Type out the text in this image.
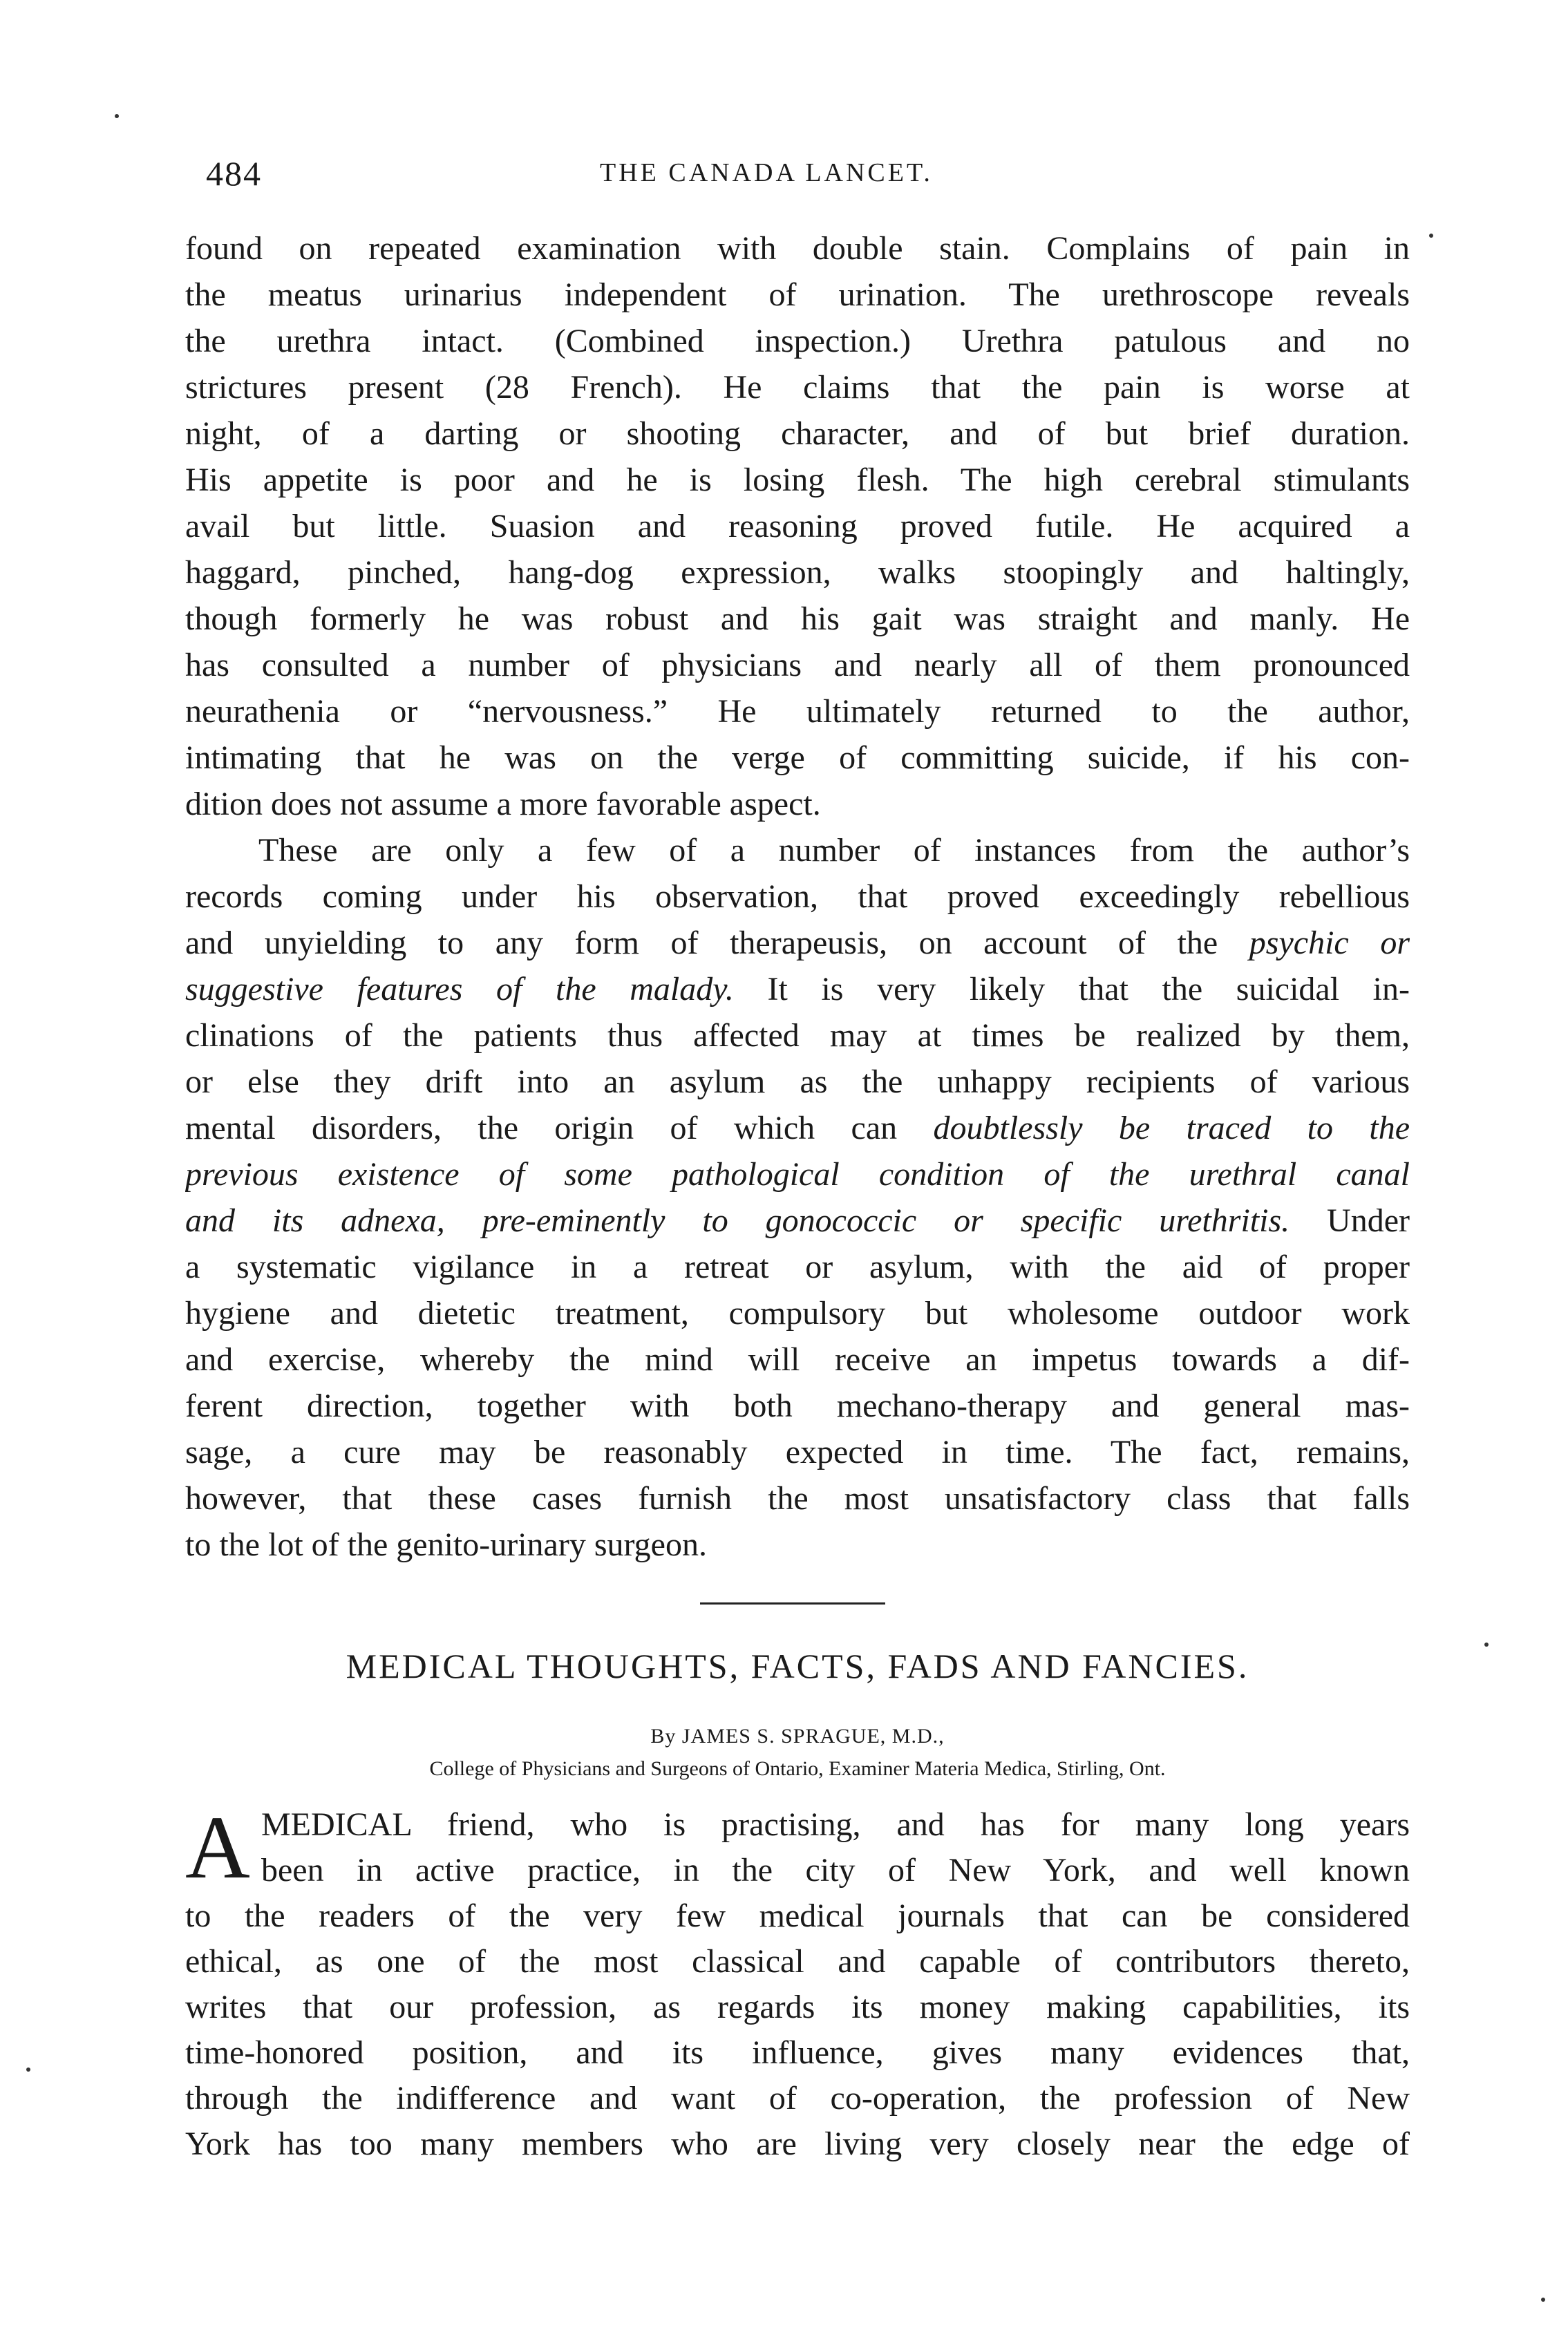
484	THE CANADA LANCET.
found on repeated examination with double stain. Complains of pain in
the meatus urinarius independent of urination. The urethroscope reveals
the urethra intact. (Combined inspection.) Urethra patulous and no
strictures present (28 French). He claims that the pain is worse at
night, of a darting or shooting character, and of but brief duration.
His appetite is poor and he is losing flesh. The high cerebral stimulants
avail but little. Suasion and reasoning proved futile. He acquired a
haggard, pinched, hang-dog expression, walks stoopingly and haltingly,
though formerly he was robust and his gait was straight and manly. He
has consulted a number of physicians and nearly all of them pronounced
neurathenia or “nervousness.” He ultimately returned to the author,
intimating that he was on the verge of committing suicide, if his con-
dition does not assume a more favorable aspect.
These are only a few of a number of instances from the author’s
records coming under his observation, that proved exceedingly rebellious
and unyielding to any form of therapeusis, on account of the psychic or
suggestive features of the malady. It is very likely that the suicidal in-
clinations of the patients thus affected may at times be realized by them,
or else they drift into an asylum as the unhappy recipients of various
mental disorders, the origin of which can doubtlessly be traced to the
previous existence of some pathological condition of the urethral canal
and its adnexa, pre-eminently to gonococcic or specific urethritis. Under
a systematic vigilance in a retreat or asylum, with the aid of proper
hygiene and dietetic treatment, compulsory but wholesome outdoor work
and exercise, whereby the mind will receive an impetus towards a dif-
ferent direction, together with both mechano-therapy and general mas-
sage, a cure may be reasonably expected in time. The fact, remains,
however, that these cases furnish the most unsatisfactory class that falls
to the lot of the genito-urinary surgeon.
MEDICAL THOUGHTS, FACTS, FADS AND FANCIES.
By JAMES S. SPRAGUE, M.D.,
College of Physicians and Surgeons of Ontario, Examiner Materia Medica, Stirling, Ont.
A MEDICAL friend, who is practising, and has for many long years
been in active practice, in the city of New York, and well known
to the readers of the very few medical journals that can be considered
ethical, as one of the most classical and capable of contributors thereto,
writes that our profession, as regards its money making capabilities, its
time-honored position, and its influence, gives many evidences that,
through the indifference and want of co-operation, the profession of New
York has too many members who are living very closely near the edge of
